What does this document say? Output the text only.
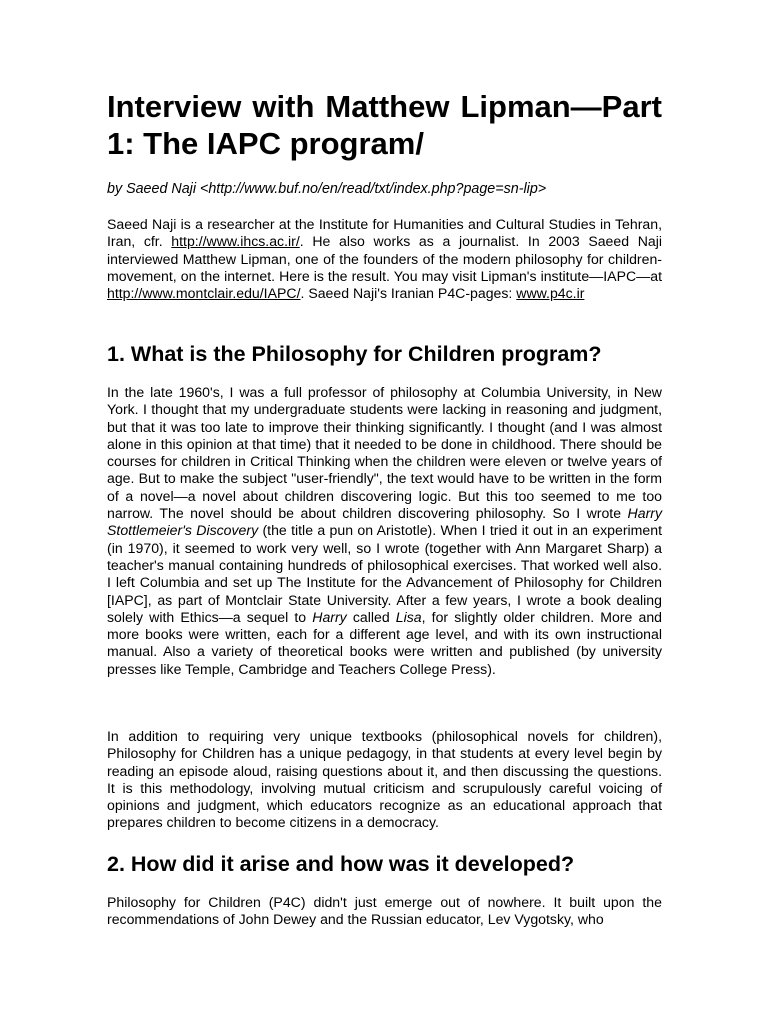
Interview with Matthew Lipman—Part 1: The IAPC program/

by Saeed Naji <http://www.buf.no/en/read/txt/index.php?page=sn-lip>

Saeed Naji is a researcher at the Institute for Humanities and Cultural Studies in Tehran, Iran, cfr. http://www.ihcs.ac.ir/. He also works as a journalist. In 2003 Saeed Naji interviewed Matthew Lipman, one of the founders of the modern philosophy for children-movement, on the internet. Here is the result. You may visit Lipman's institute—IAPC—at http://www.montclair.edu/IAPC/. Saeed Naji's Iranian P4C-pages: www.p4c.ir

1. What is the Philosophy for Children program?

In the late 1960's, I was a full professor of philosophy at Columbia University, in New York. I thought that my undergraduate students were lacking in reasoning and judgment, but that it was too late to improve their thinking significantly. I thought (and I was almost alone in this opinion at that time) that it needed to be done in childhood. There should be courses for children in Critical Thinking when the children were eleven or twelve years of age. But to make the subject "user-friendly", the text would have to be written in the form of a novel—a novel about children discovering logic. But this too seemed to me too narrow. The novel should be about children discovering philosophy. So I wrote Harry Stottlemeier's Discovery (the title a pun on Aristotle). When I tried it out in an experiment (in 1970), it seemed to work very well, so I wrote (together with Ann Margaret Sharp) a teacher's manual containing hundreds of philosophical exercises. That worked well also. I left Columbia and set up The Institute for the Advancement of Philosophy for Children [IAPC], as part of Montclair State University. After a few years, I wrote a book dealing solely with Ethics—a sequel to Harry called Lisa, for slightly older children. More and more books were written, each for a different age level, and with its own instructional manual. Also a variety of theoretical books were written and published (by university presses like Temple, Cambridge and Teachers College Press).

In addition to requiring very unique textbooks (philosophical novels for children), Philosophy for Children has a unique pedagogy, in that students at every level begin by reading an episode aloud, raising questions about it, and then discussing the questions. It is this methodology, involving mutual criticism and scrupulously careful voicing of opinions and judgment, which educators recognize as an educational approach that prepares children to become citizens in a democracy.

2. How did it arise and how was it developed?

Philosophy for Children (P4C) didn't just emerge out of nowhere. It built upon the recommendations of John Dewey and the Russian educator, Lev Vygotsky, who
